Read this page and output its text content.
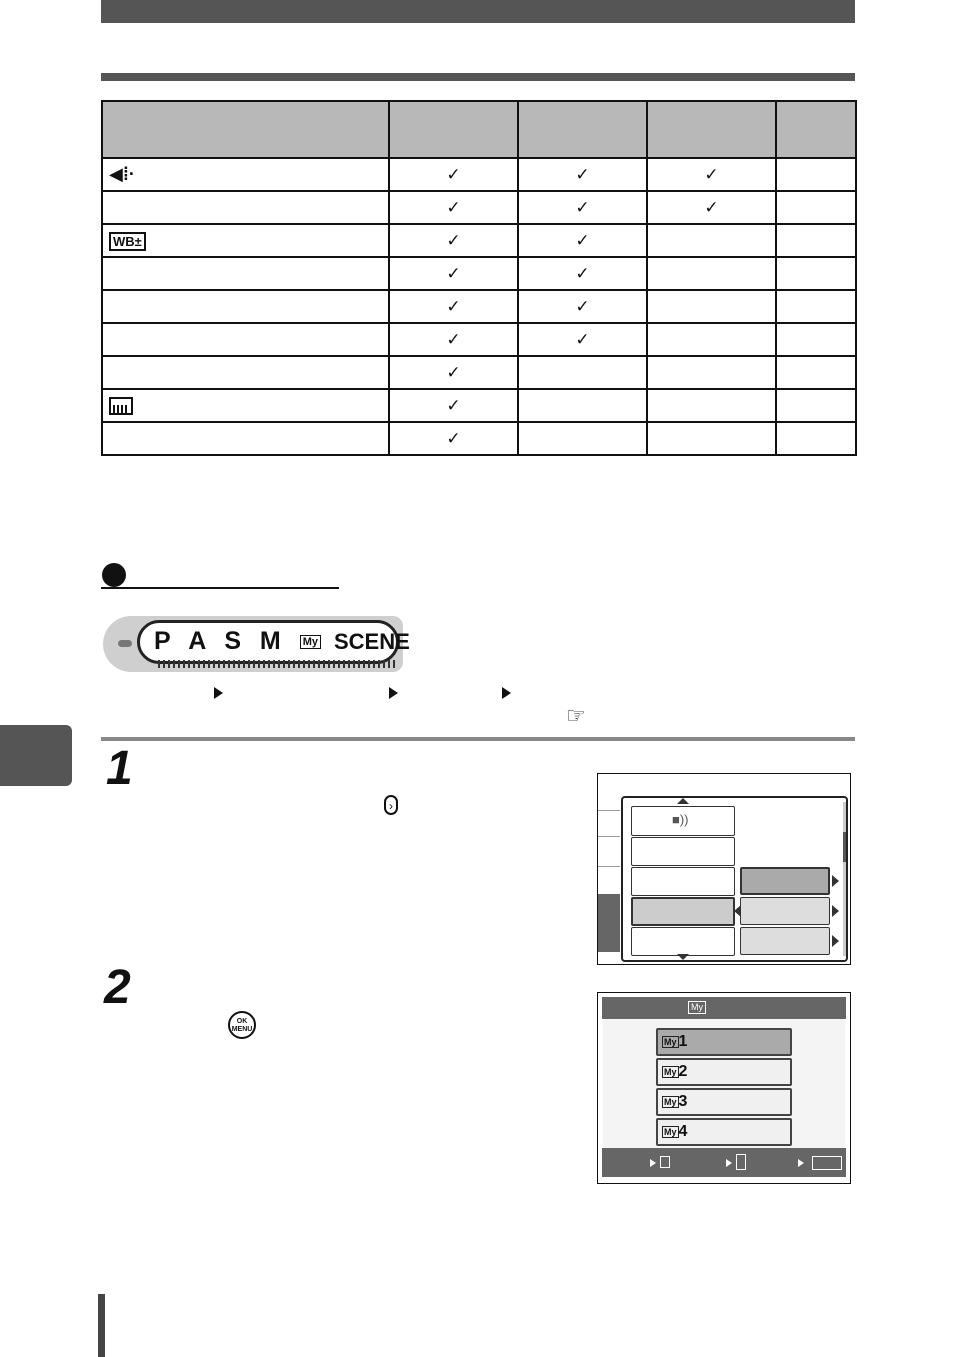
◀⁞·	✓	✓	✓	
	✓	✓	✓	
WB±	✓	✓		
	✓	✓		
	✓	✓		
	✓	✓		
	✓			
	✓			
	✓			
P A S M My SCENE
☞
1
›
2
OK
MENU
■))
My
My 1
My 2
My 3
My 4
